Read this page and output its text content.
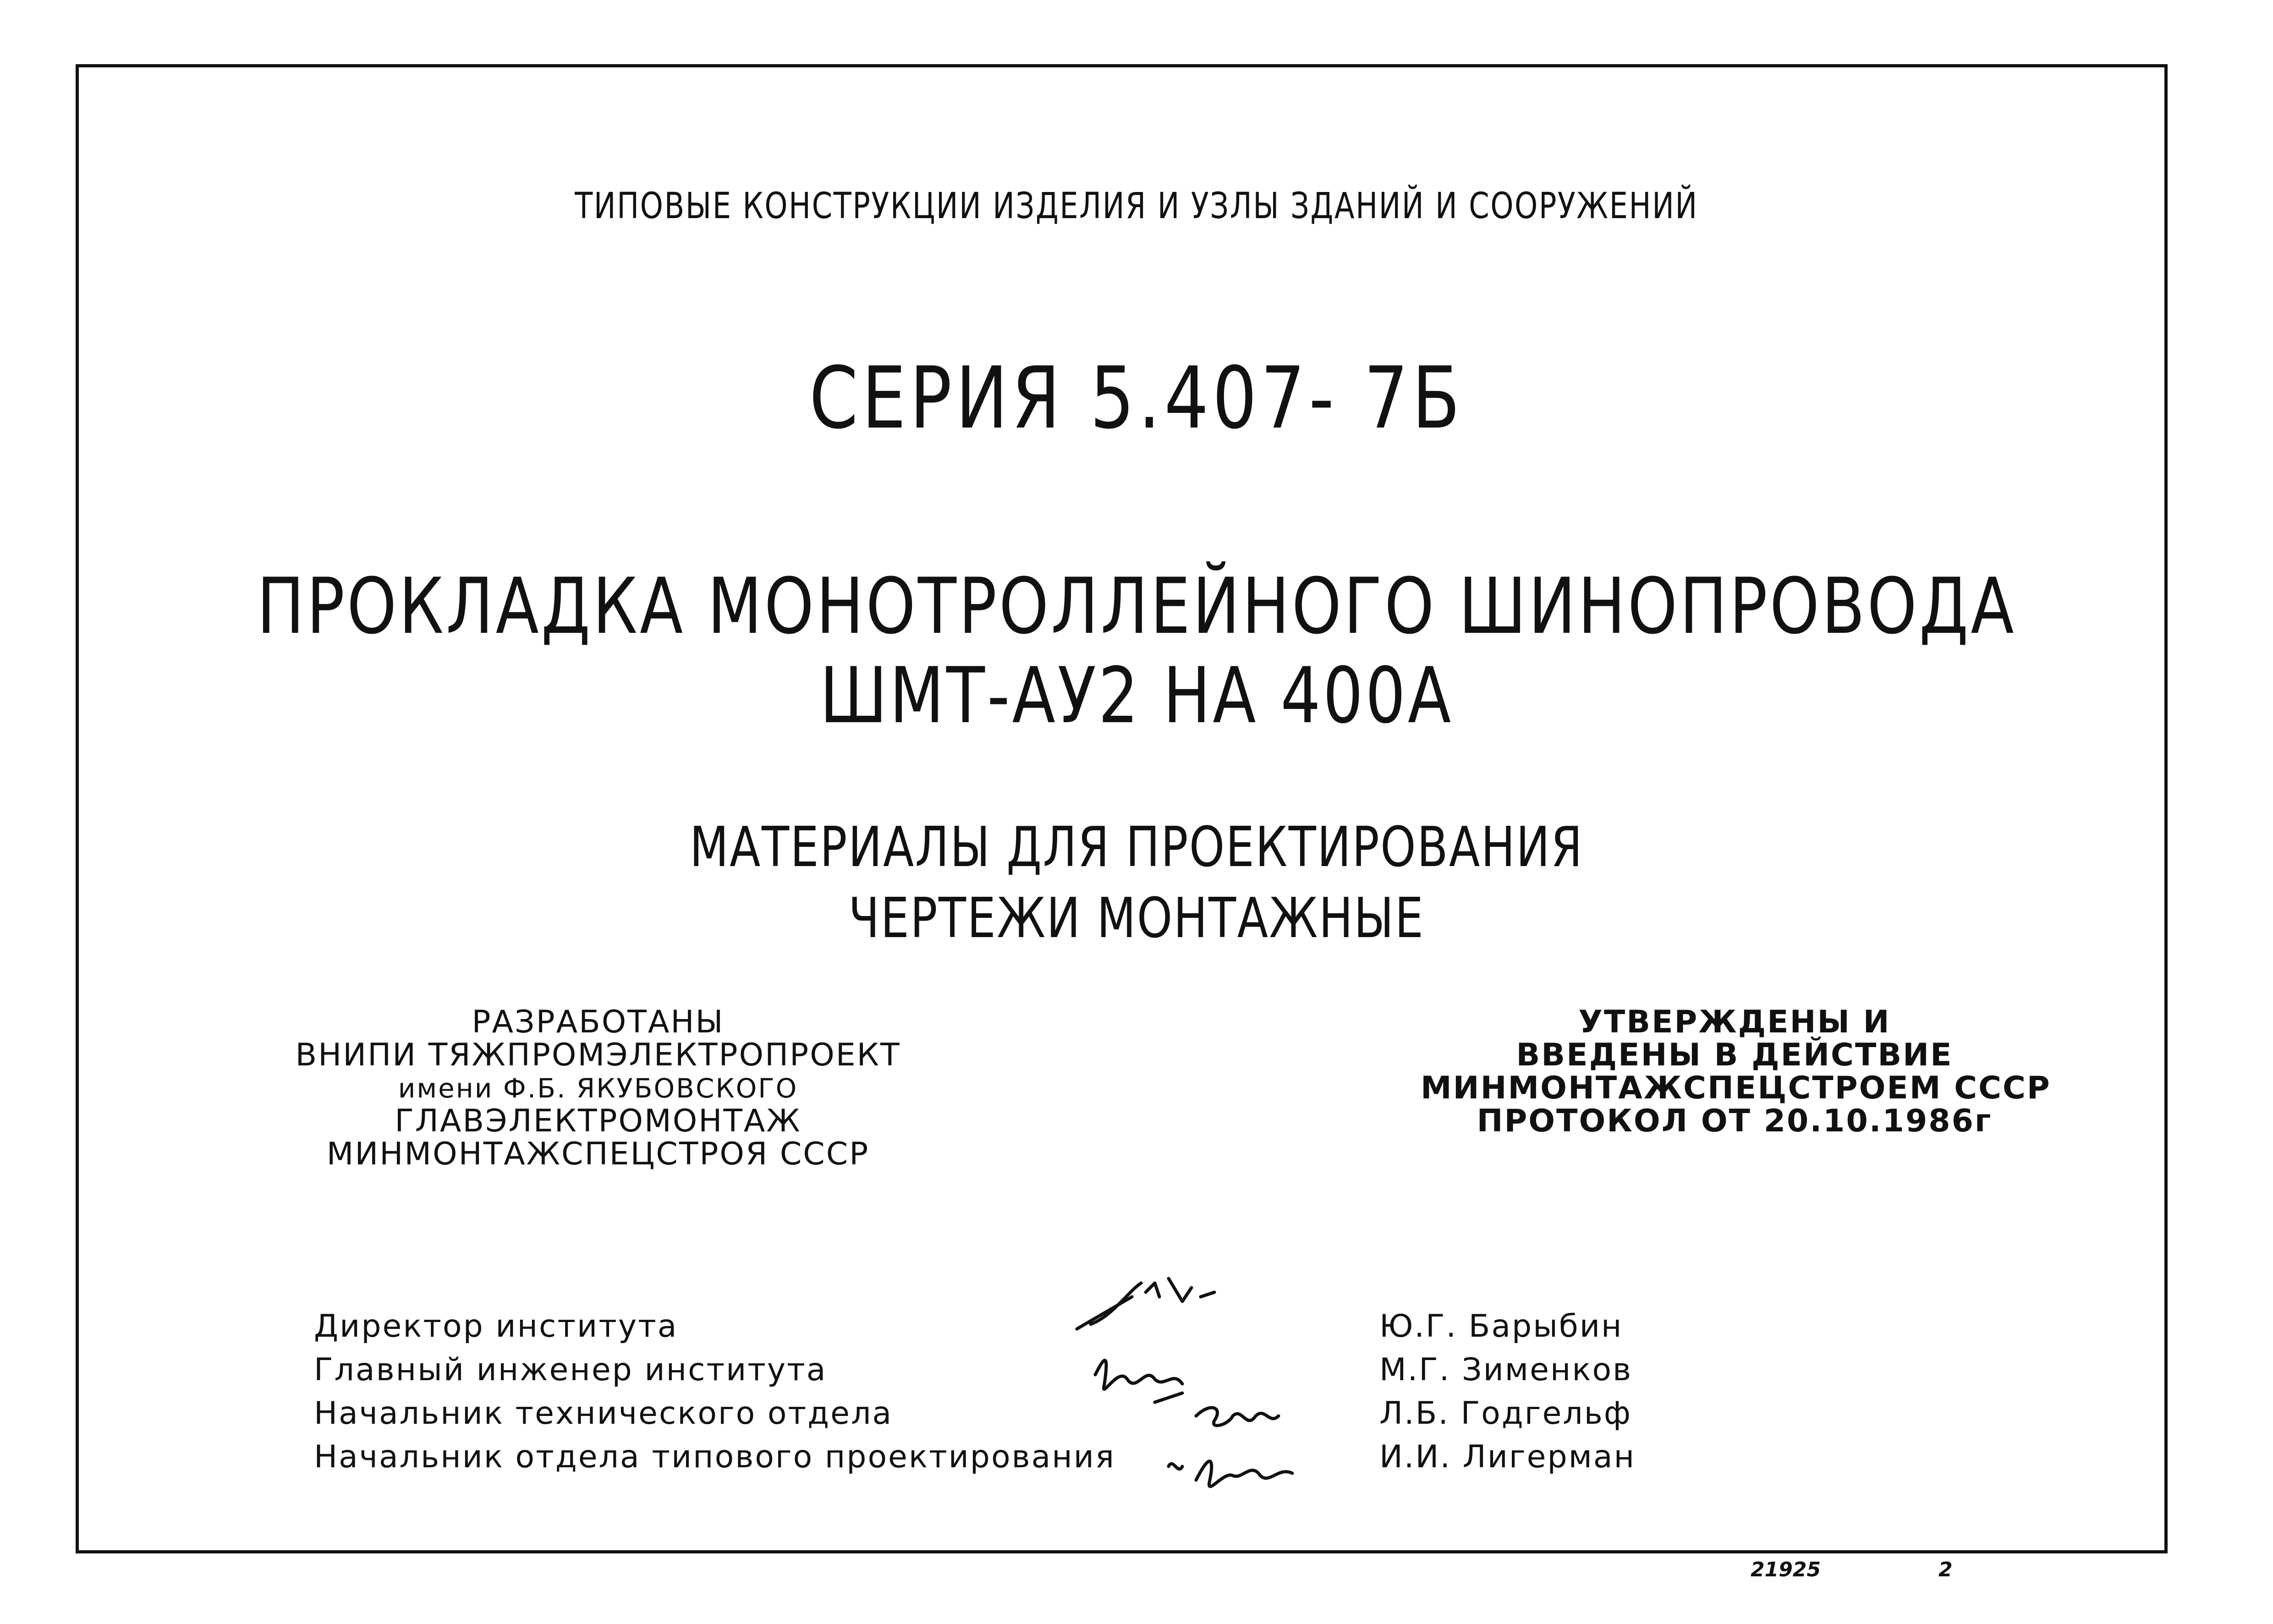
ТИПОВЫЕ КОНСТРУКЦИИ ИЗДЕЛИЯ И УЗЛЫ ЗДАНИЙ И СООРУЖЕНИЙ
СЕРИЯ 5.407- 7Б
ПРОКЛАДКА МОНОТРОЛЛЕЙНОГО ШИНОПРОВОДА
ШМТ-АУ2 НА 400А
МАТЕРИАЛЫ ДЛЯ ПРОЕКТИРОВАНИЯ
ЧЕРТЕЖИ МОНТАЖНЫЕ
РАЗРАБОТАНЫ
ВНИПИ ТЯЖПРОМЭЛЕКТРОПРОЕКТ
имени Ф.Б. ЯКУБОВСКОГО
ГЛАВЭЛЕКТРОМОНТАЖ
МИНМОНТАЖСПЕЦСТРОЯ СССР
УТВЕРЖДЕНЫ И
ВВЕДЕНЫ В ДЕЙСТВИЕ
МИНМОНТАЖСПЕЦСТРОЕМ СССР
ПРОТОКОЛ ОТ 20.10.1986г
Директор института	Ю.Г. Барыбин
Главный инженер института	М.Г. Зименков
Начальник технического отдела	Л.Б. Годгельф
Начальник отдела типового проектирования	И.И. Лигерман
21925	2
